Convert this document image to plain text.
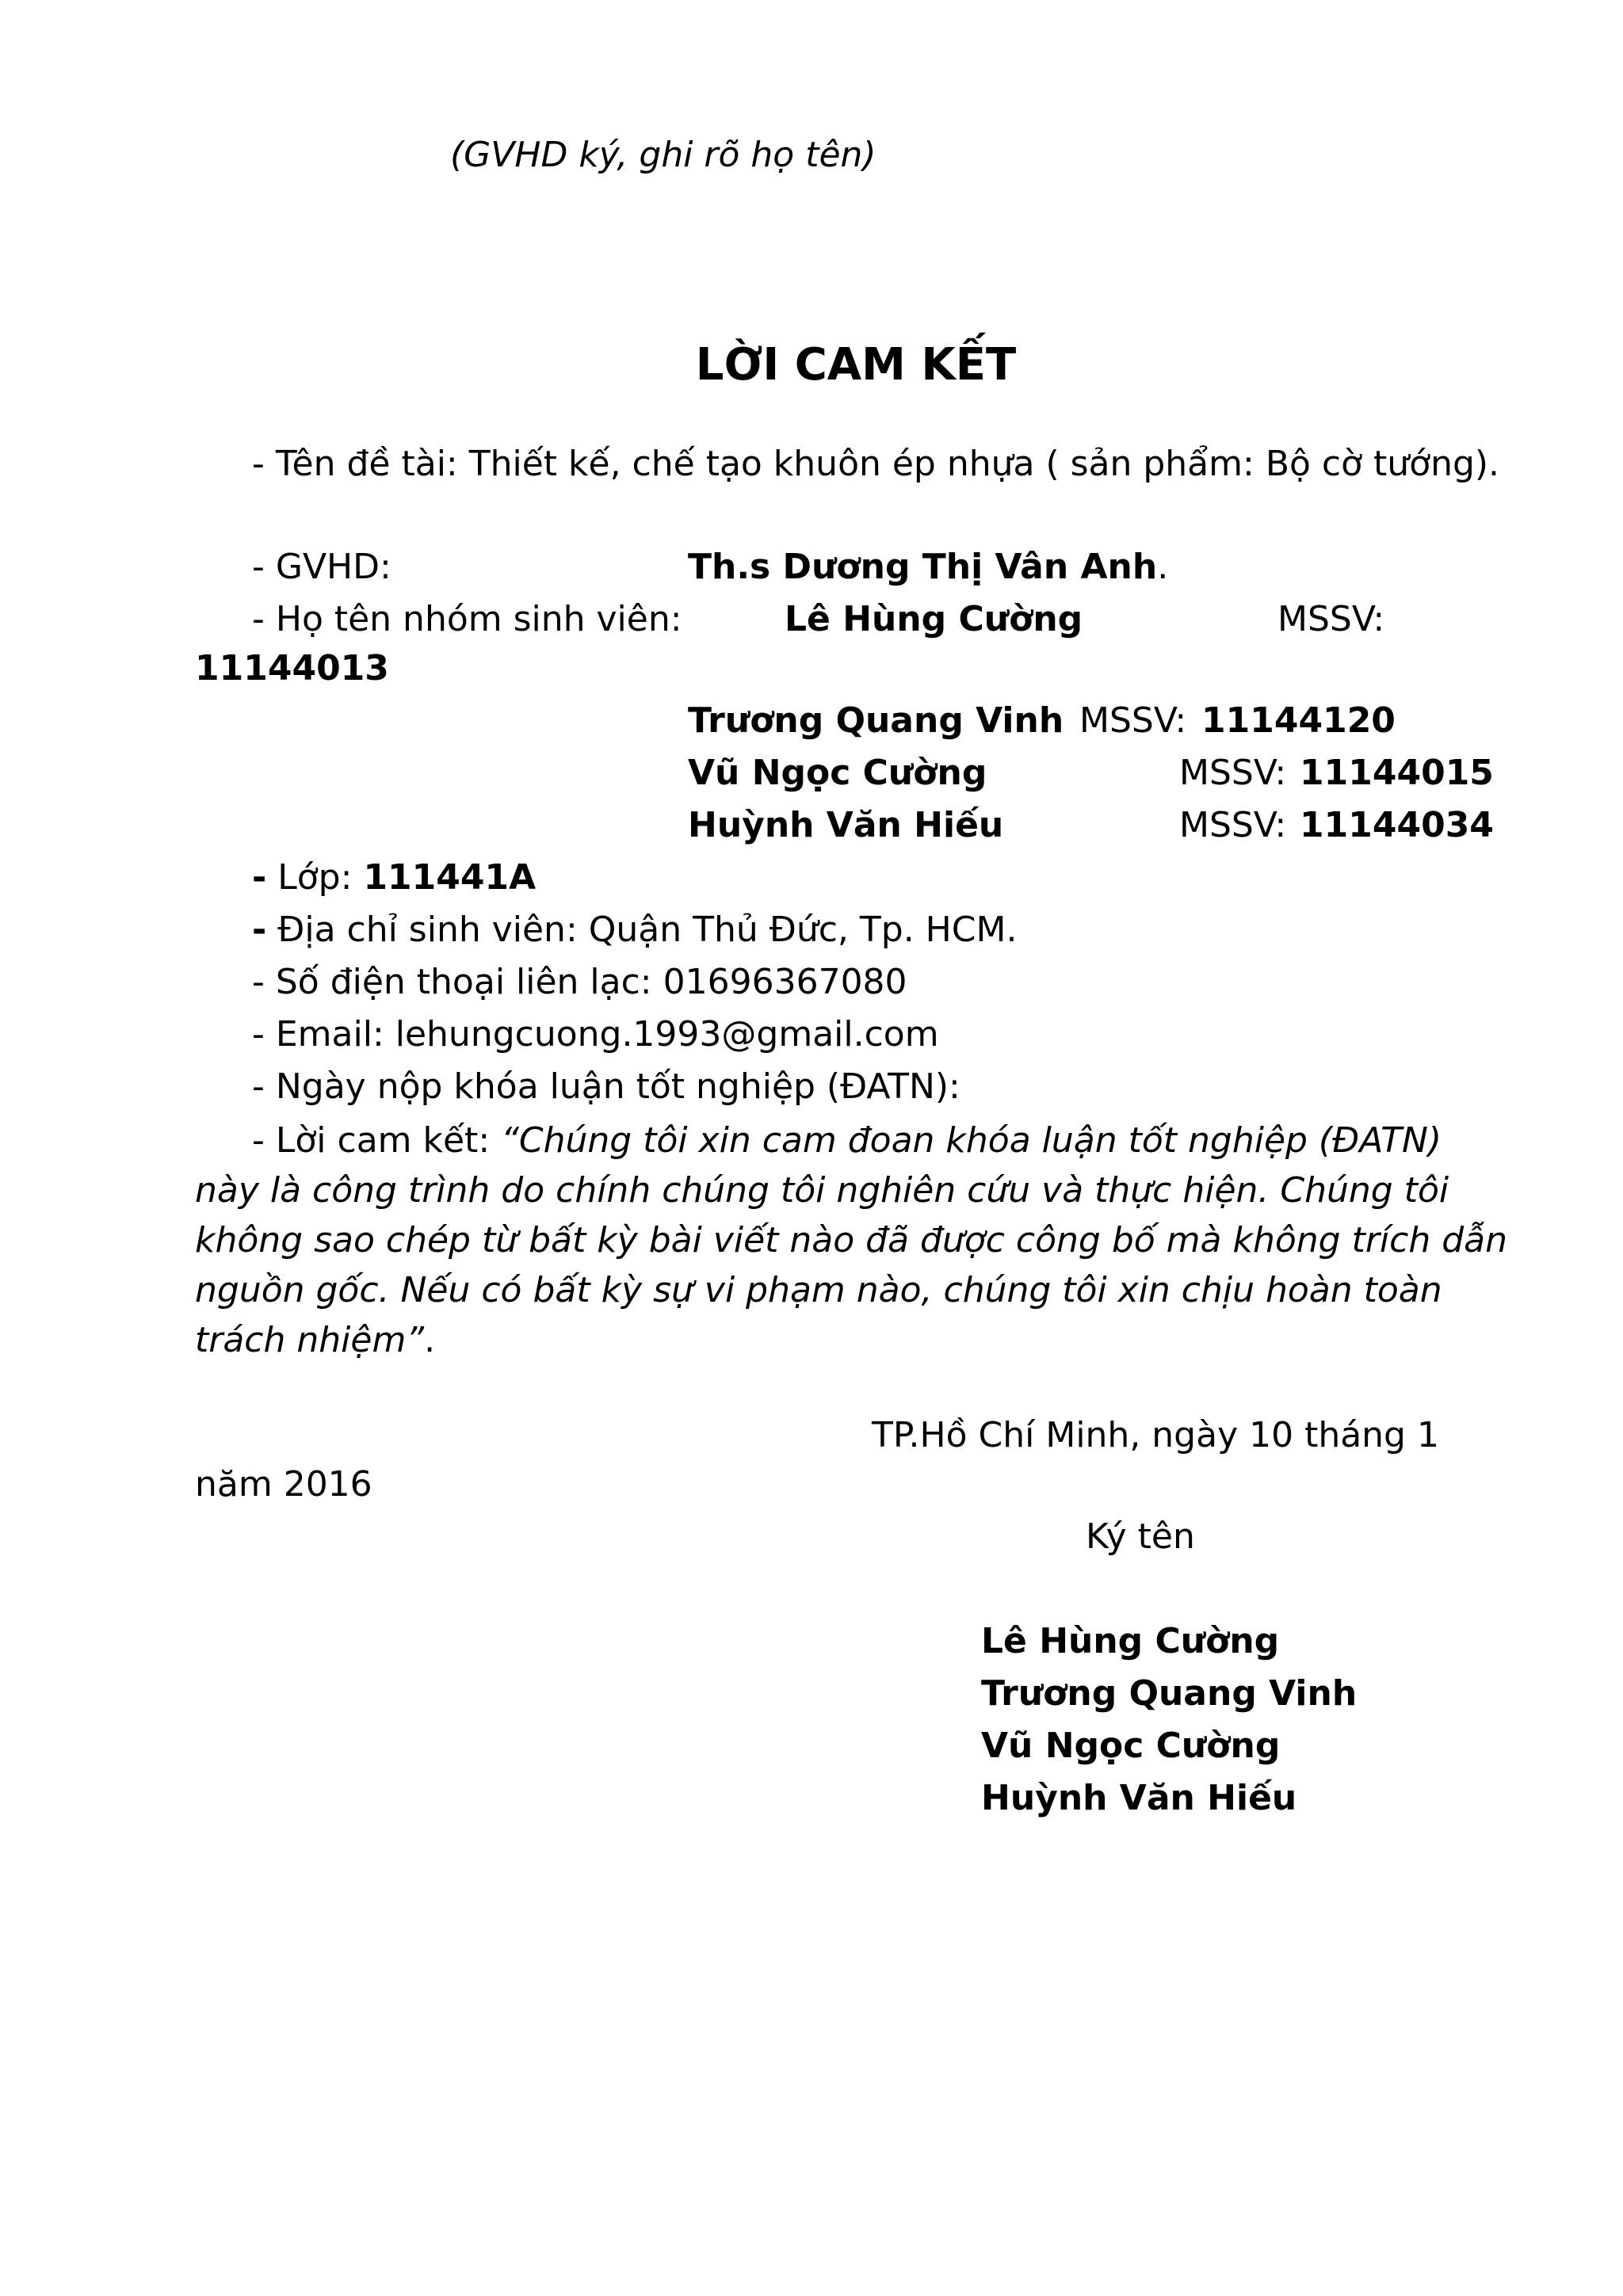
(GVHD ký, ghi rõ họ tên)
LỜI CAM KẾT
- Tên đề tài: Thiết kế, chế tạo khuôn ép nhựa ( sản phẩm: Bộ cờ tướng).
- GVHD:	Th.s Dương Thị Vân Anh.
- Họ tên nhóm sinh viên:	Lê Hùng Cường	MSSV:
11144013
Trương Quang Vinh MSSV: 11144120
Vũ Ngọc Cường	MSSV: 11144015
Huỳnh Văn Hiếu	MSSV: 11144034
- Lớp: 111441A
- Địa chỉ sinh viên: Quận Thủ Đức, Tp. HCM.
- Số điện thoại liên lạc: 01696367080
- Email: lehungcuong.1993@gmail.com
- Ngày nộp khóa luận tốt nghiệp (ĐATN):
- Lời cam kết: “Chúng tôi xin cam đoan khóa luận tốt nghiệp (ĐATN) này là công trình do chính chúng tôi nghiên cứu và thực hiện. Chúng tôi không sao chép từ bất kỳ bài viết nào đã được công bố mà không trích dẫn nguồn gốc. Nếu có bất kỳ sự vi phạm nào, chúng tôi xin chịu hoàn toàn trách nhiệm”.
TP.Hồ Chí Minh, ngày 10 tháng 1
năm 2016
Ký tên
Lê Hùng Cường
Trương Quang Vinh
Vũ Ngọc Cường
Huỳnh Văn Hiếu
